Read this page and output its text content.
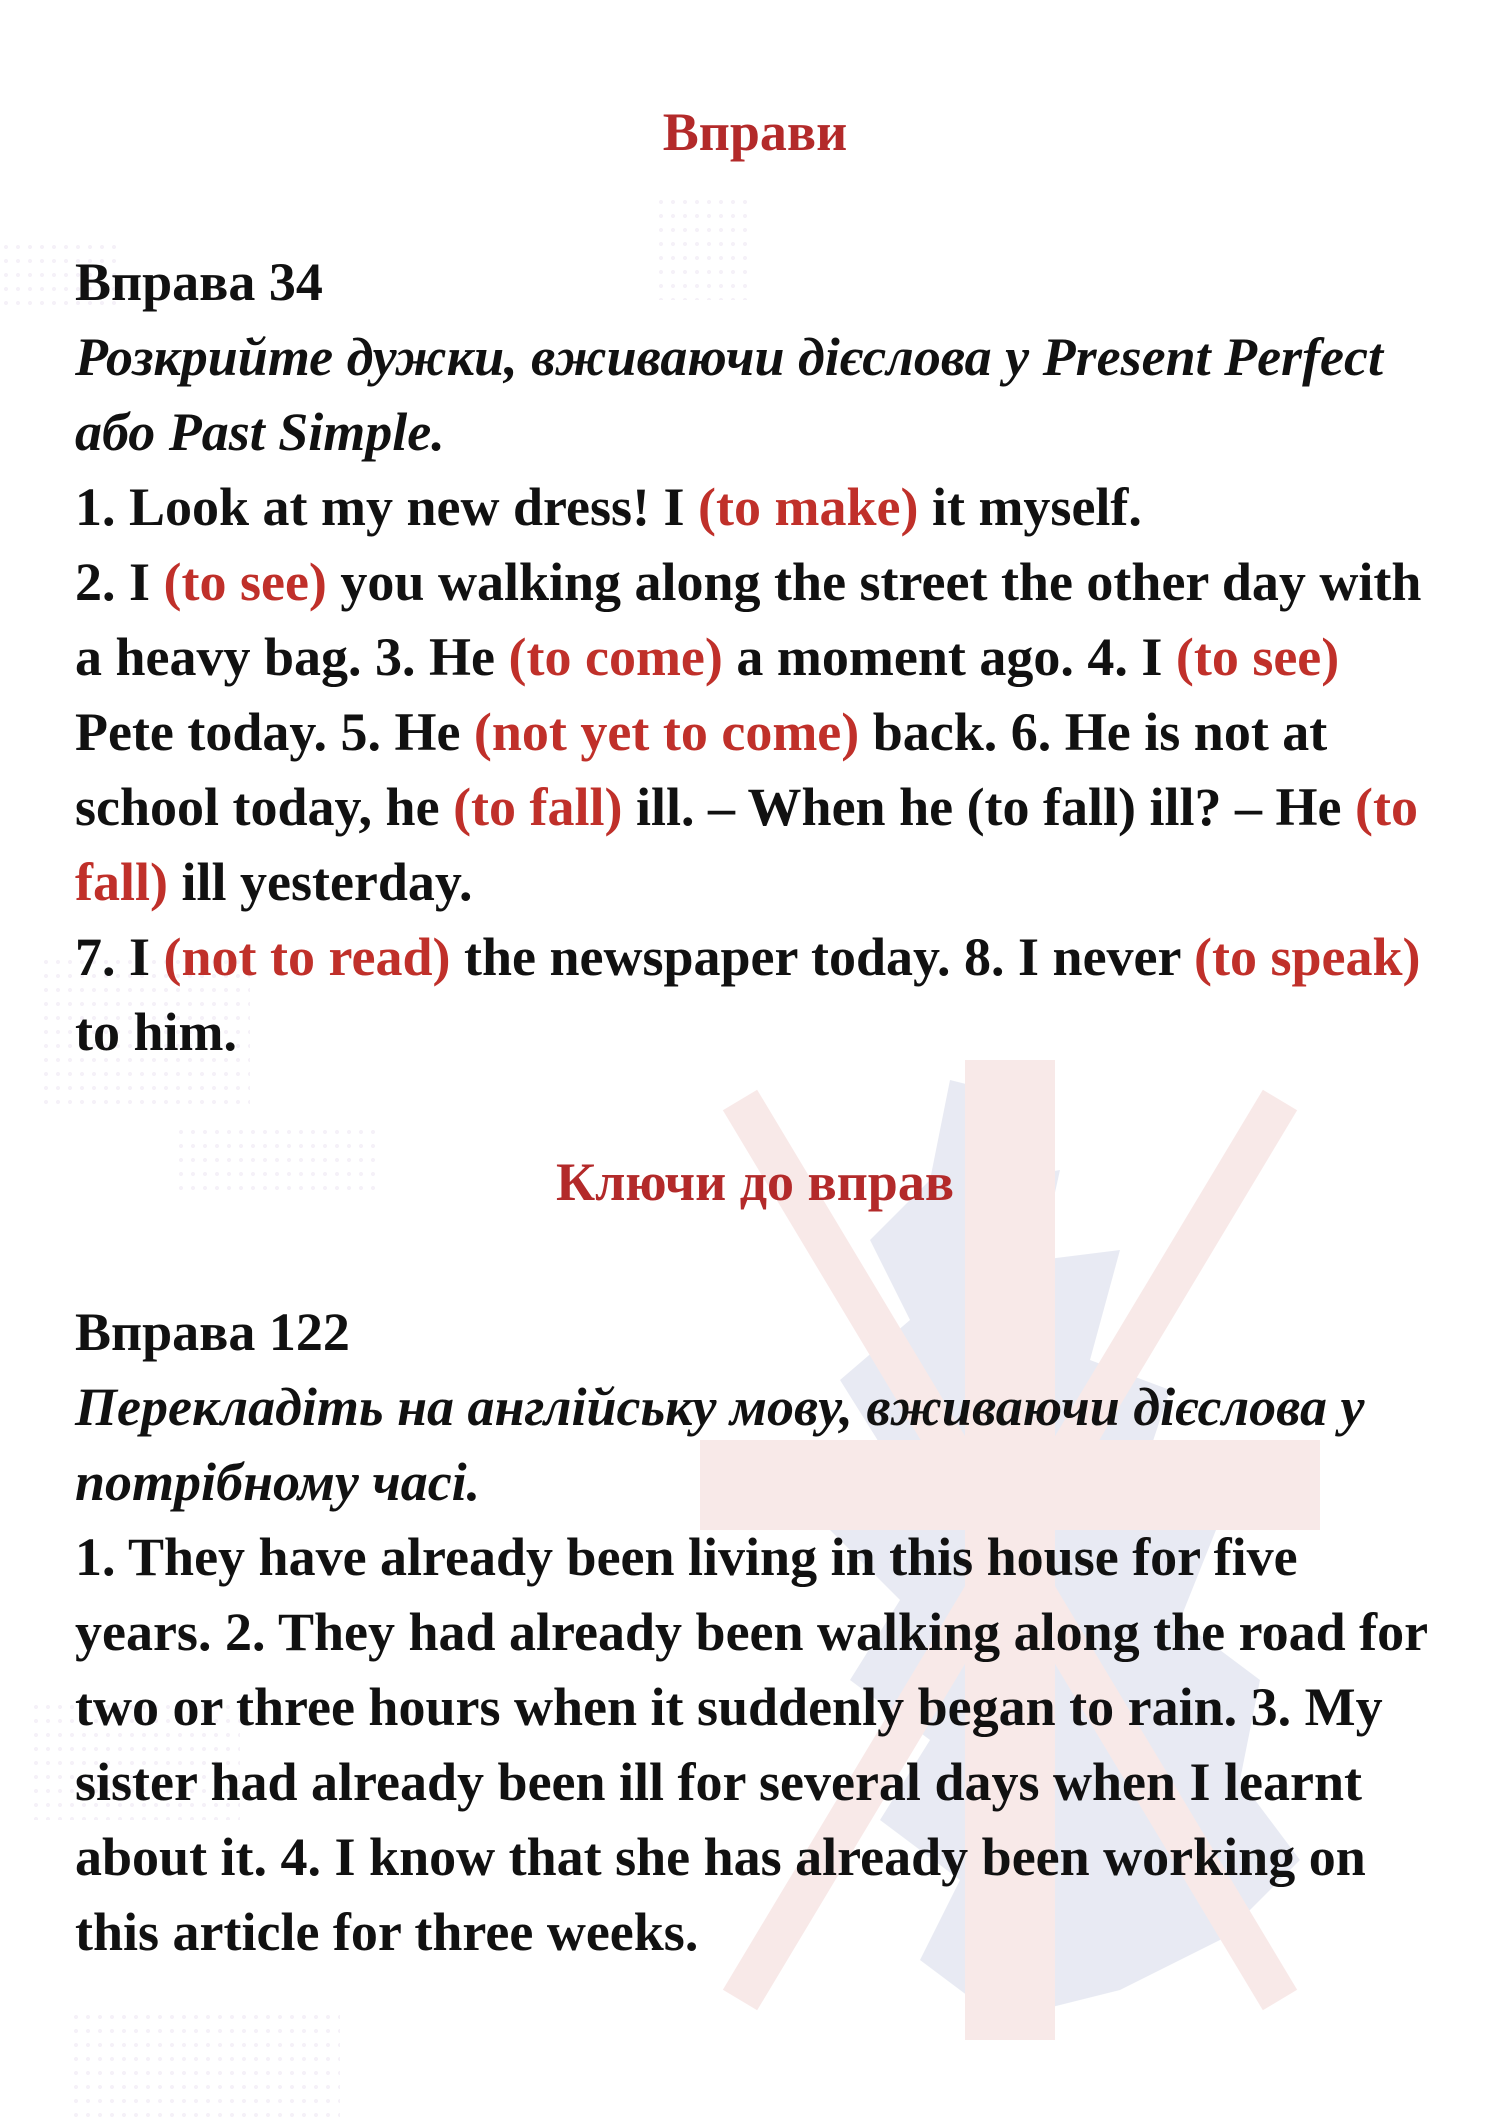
Вправи

Вправа 34

Розкрийте дужки, вживаючи дієслова у Present Perfect або Past Simple.

1. Look at my new dress! I (to make) it myself.
2. I (to see) you walking along the street the other day with a heavy bag. 3. He (to come) a moment ago. 4. I (to see) Pete today. 5. He (not yet to come) back. 6. He is not at school today, he (to fall) ill. – When he (to fall) ill? – He (to fall) ill yesterday.
7. I (not to read) the newspaper today. 8. I never (to speak) to him.

Ключи до вправ

Вправа 122

Перекладіть на англійську мову, вживаючи дієслова у потрібному часі.

1. They have already been living in this house for five years. 2. They had already been walking along the road for two or three hours when it suddenly began to rain. 3. My sister had already been ill for several days when I learnt about it. 4. I know that she has already been working on this article for three weeks.
